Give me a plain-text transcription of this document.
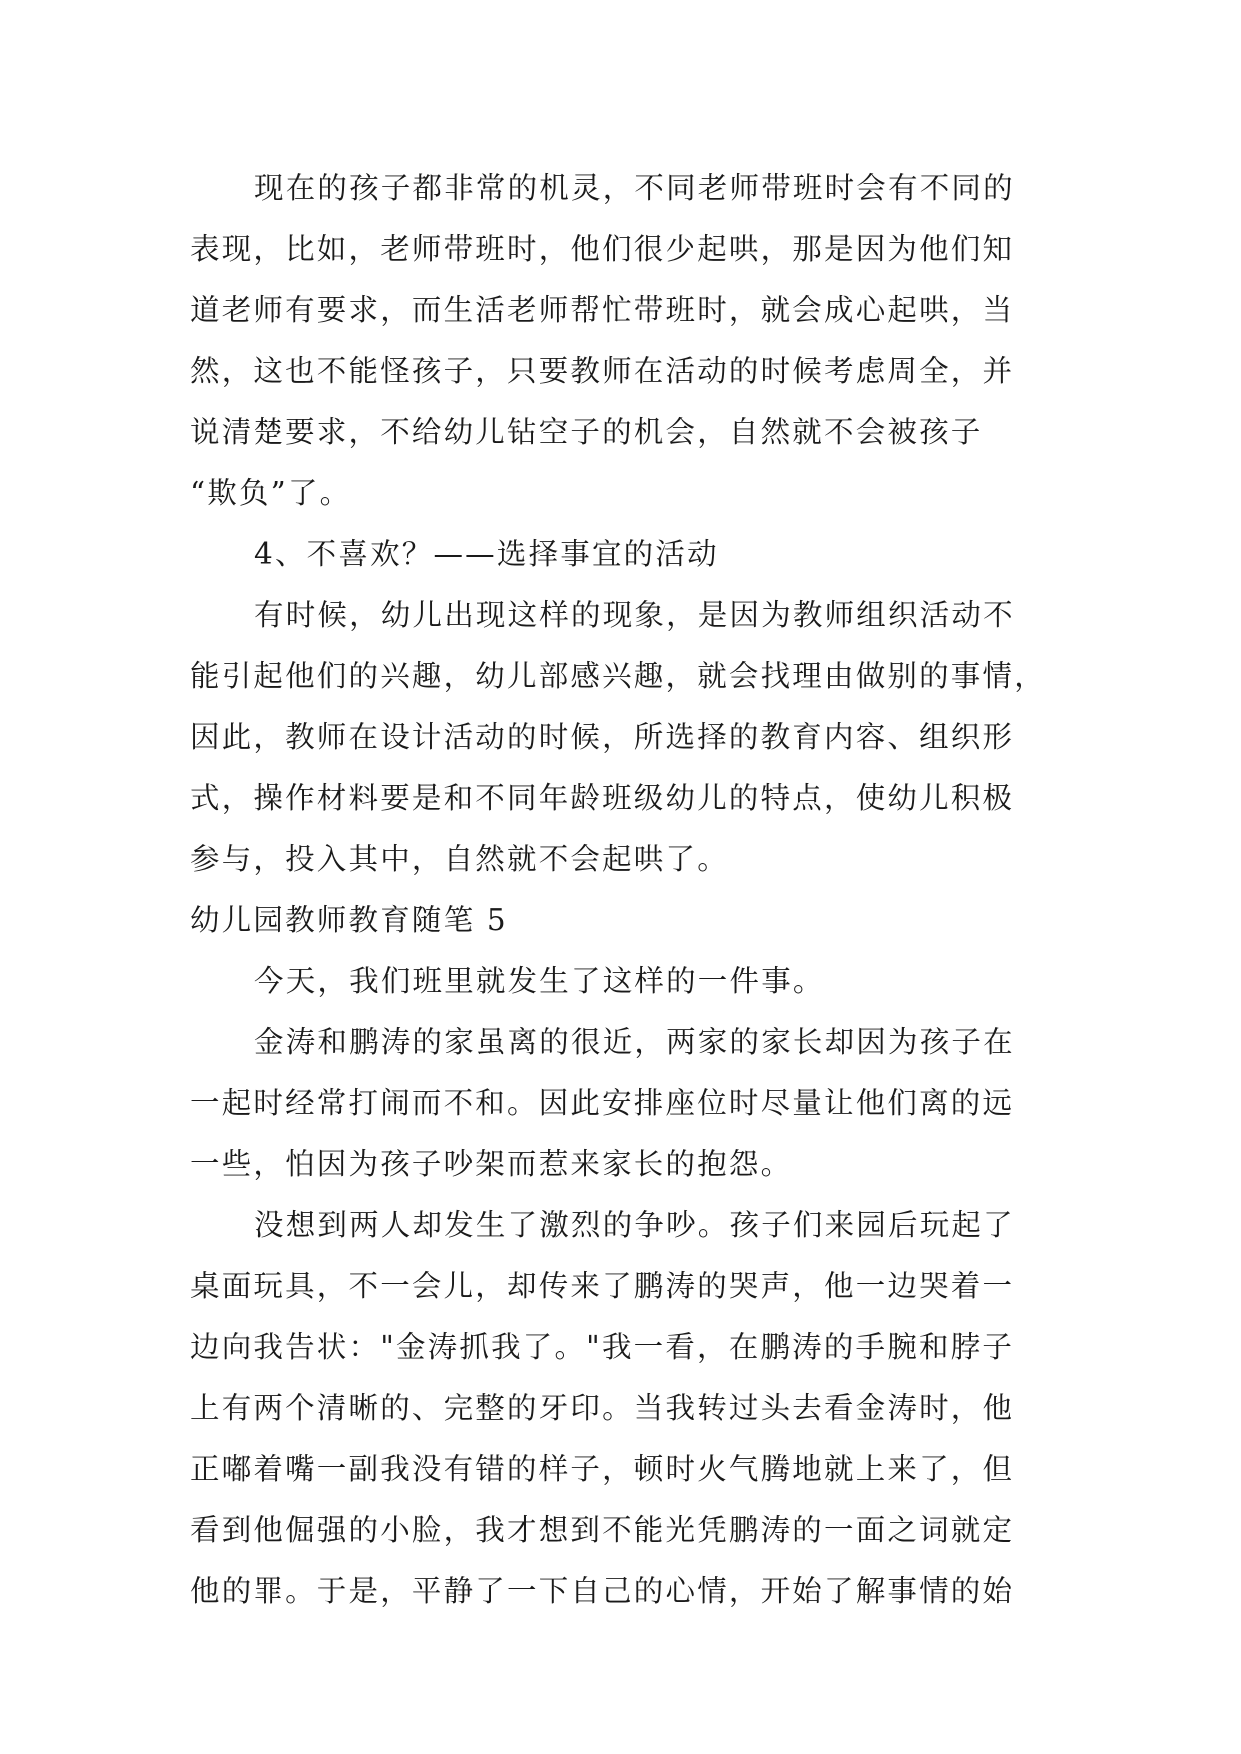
现在的孩子都非常的机灵，不同老师带班时会有不同的
表现，比如，老师带班时，他们很少起哄，那是因为他们知
道老师有要求，而生活老师帮忙带班时，就会成心起哄，当
然，这也不能怪孩子，只要教师在活动的时候考虑周全，并
说清楚要求，不给幼儿钻空子的机会，自然就不会被孩子
“欺负”了。
4、不喜欢？——选择事宜的活动
有时候，幼儿出现这样的现象，是因为教师组织活动不
能引起他们的兴趣，幼儿部感兴趣，就会找理由做别的事情，
因此，教师在设计活动的时候，所选择的教育内容、组织形
式，操作材料要是和不同年龄班级幼儿的特点，使幼儿积极
参与，投入其中，自然就不会起哄了。
幼儿园教师教育随笔 5
今天，我们班里就发生了这样的一件事。
金涛和鹏涛的家虽离的很近，两家的家长却因为孩子在
一起时经常打闹而不和。因此安排座位时尽量让他们离的远
一些，怕因为孩子吵架而惹来家长的抱怨。
没想到两人却发生了激烈的争吵。孩子们来园后玩起了
桌面玩具，不一会儿，却传来了鹏涛的哭声，他一边哭着一
边向我告状："金涛抓我了。"我一看，在鹏涛的手腕和脖子
上有两个清晰的、完整的牙印。当我转过头去看金涛时，他
正嘟着嘴一副我没有错的样子，顿时火气腾地就上来了，但
看到他倔强的小脸，我才想到不能光凭鹏涛的一面之词就定
他的罪。于是，平静了一下自己的心情，开始了解事情的始
